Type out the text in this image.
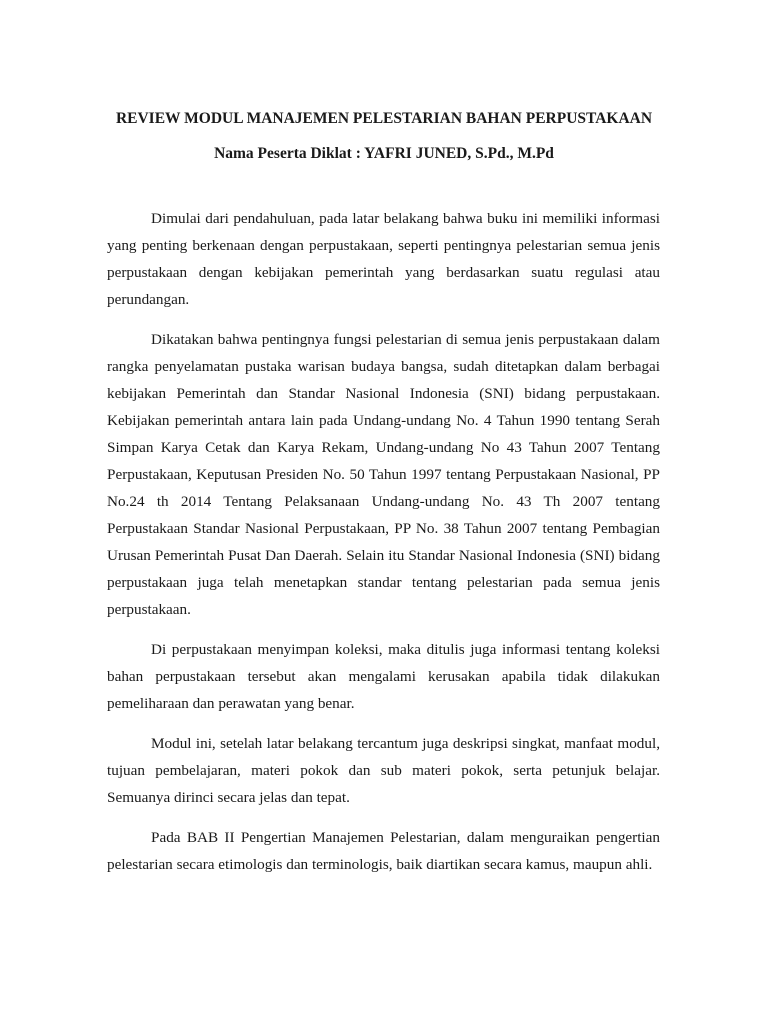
REVIEW MODUL MANAJEMEN PELESTARIAN BAHAN PERPUSTAKAAN

Nama Peserta Diklat : YAFRI JUNED, S.Pd., M.Pd

Dimulai dari pendahuluan, pada latar belakang bahwa buku ini memiliki informasi yang penting berkenaan dengan perpustakaan, seperti pentingnya pelestarian semua jenis perpustakaan dengan kebijakan pemerintah yang berdasarkan suatu regulasi atau perundangan.

Dikatakan bahwa pentingnya fungsi pelestarian di semua jenis perpustakaan dalam rangka penyelamatan pustaka warisan budaya bangsa, sudah ditetapkan dalam berbagai kebijakan Pemerintah dan Standar Nasional Indonesia (SNI) bidang perpustakaan. Kebijakan pemerintah antara lain pada Undang-undang No. 4 Tahun 1990 tentang Serah Simpan Karya Cetak dan Karya Rekam, Undang-undang No 43 Tahun 2007 Tentang Perpustakaan, Keputusan Presiden No. 50 Tahun 1997 tentang Perpustakaan Nasional, PP No.24 th 2014 Tentang Pelaksanaan Undang-undang No. 43 Th 2007 tentang Perpustakaan Standar Nasional Perpustakaan, PP No. 38 Tahun 2007 tentang Pembagian Urusan Pemerintah Pusat Dan Daerah. Selain itu Standar Nasional Indonesia (SNI) bidang perpustakaan juga telah menetapkan standar tentang pelestarian pada semua jenis perpustakaan.

Di perpustakaan menyimpan koleksi, maka ditulis juga informasi tentang koleksi bahan perpustakaan tersebut akan mengalami kerusakan apabila tidak dilakukan pemeliharaan dan perawatan yang benar.

Modul ini, setelah latar belakang tercantum juga deskripsi singkat, manfaat modul, tujuan pembelajaran, materi pokok dan sub materi pokok, serta petunjuk belajar. Semuanya dirinci secara jelas dan tepat.

Pada BAB II Pengertian Manajemen Pelestarian, dalam menguraikan pengertian pelestarian secara etimologis dan terminologis, baik diartikan secara kamus, maupun ahli.
